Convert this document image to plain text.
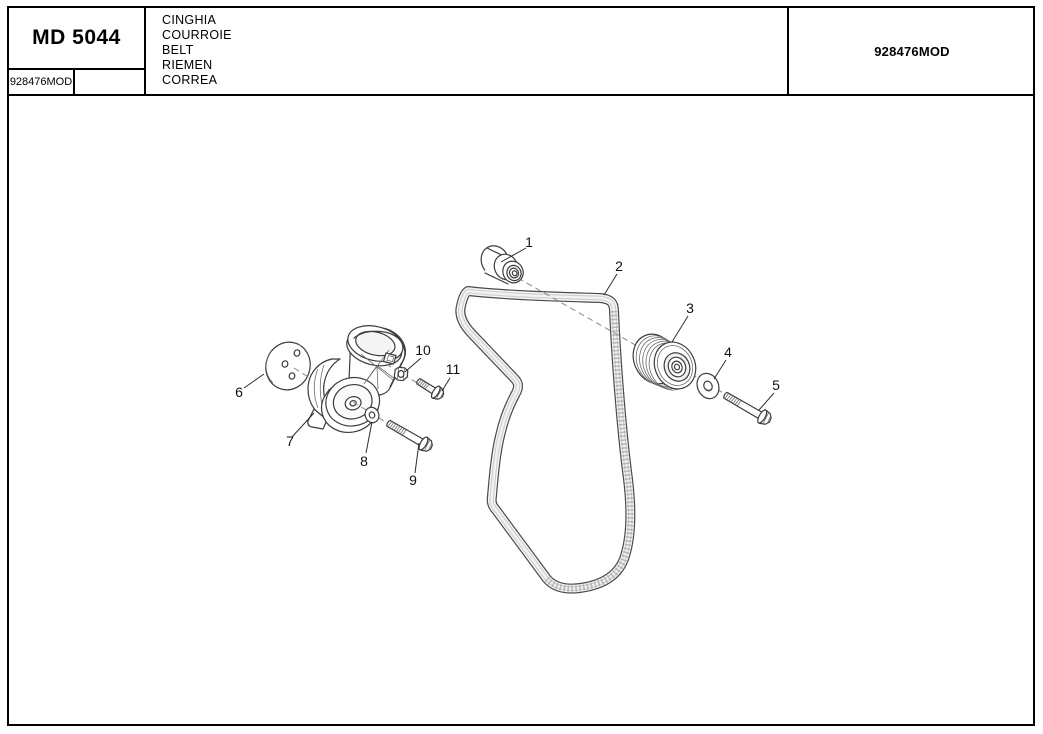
MD 5044
928476MOD
CINGHIA
COURROIE
BELT
RIEMEN
CORREA
928476MOD
1
2
3
4
5
6
7
8
9
10
11
